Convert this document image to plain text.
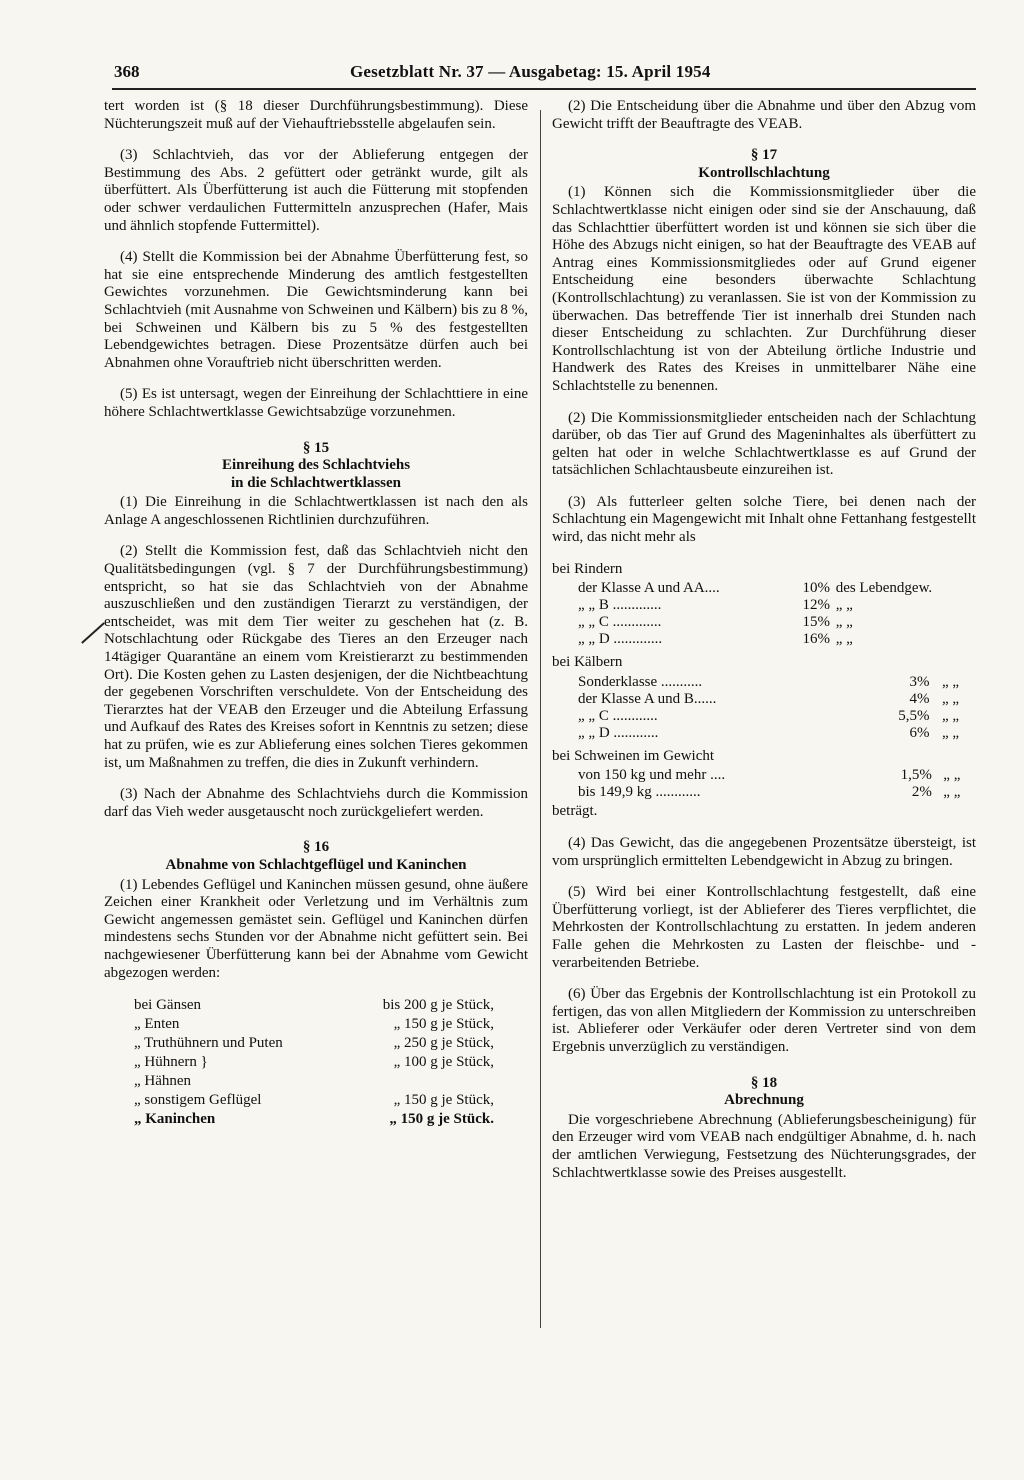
368	Gesetzblatt Nr. 37 — Ausgabetag: 15. April 1954

tert worden ist (§ 18 dieser Durchführungsbestimmung). Diese Nüchterungszeit muß auf der Viehauftriebsstelle abgelaufen sein.

(3) Schlachtvieh, das vor der Ablieferung entgegen der Bestimmung des Abs. 2 gefüttert oder getränkt wurde, gilt als überfüttert. Als Überfütterung ist auch die Fütterung mit stopfenden oder schwer verdaulichen Futtermitteln anzusprechen (Hafer, Mais und ähnlich stopfende Futtermittel).

(4) Stellt die Kommission bei der Abnahme Überfütterung fest, so hat sie eine entsprechende Minderung des amtlich festgestellten Gewichtes vorzunehmen. Die Gewichtsminderung kann bei Schlachtvieh (mit Ausnahme von Schweinen und Kälbern) bis zu 8 %, bei Schweinen und Kälbern bis zu 5 % des festgestellten Lebendgewichtes betragen. Diese Prozentsätze dürfen auch bei Abnahmen ohne Vorauftrieb nicht überschritten werden.

(5) Es ist untersagt, wegen der Einreihung der Schlachttiere in eine höhere Schlachtwertklasse Gewichtsabzüge vorzunehmen.

§ 15
Einreihung des Schlachtviehs
in die Schlachtwertklassen

(1) Die Einreihung in die Schlachtwertklassen ist nach den als Anlage A angeschlossenen Richtlinien durchzuführen.

(2) Stellt die Kommission fest, daß das Schlachtvieh nicht den Qualitätsbedingungen (vgl. § 7 der Durchführungsbestimmung) entspricht, so hat sie das Schlachtvieh von der Abnahme auszuschließen und den zuständigen Tierarzt zu verständigen, der entscheidet, was mit dem Tier weiter zu geschehen hat (z. B. Notschlachtung oder Rückgabe des Tieres an den Erzeuger nach 14tägiger Quarantäne an einem vom Kreistierarzt zu bestimmenden Ort). Die Kosten gehen zu Lasten desjenigen, der die Nichtbeachtung der gegebenen Vorschriften verschuldete. Von der Entscheidung des Tierarztes hat der VEAB den Erzeuger und die Abteilung Erfassung und Aufkauf des Rates des Kreises sofort in Kenntnis zu setzen; diese hat zu prüfen, wie es zur Ablieferung eines solchen Tieres gekommen ist, um Maßnahmen zu treffen, die dies in Zukunft verhindern.

(3) Nach der Abnahme des Schlachtviehs durch die Kommission darf das Vieh weder ausgetauscht noch zurückgeliefert werden.

§ 16
Abnahme von Schlachtgeflügel und Kaninchen

(1) Lebendes Geflügel und Kaninchen müssen gesund, ohne äußere Zeichen einer Krankheit oder Verletzung und im Verhältnis zum Gewicht angemessen gemästet sein. Geflügel und Kaninchen dürfen mindestens sechs Stunden vor der Abnahme nicht gefüttert sein. Bei nachgewiesener Überfütterung kann bei der Abnahme vom Gewicht abgezogen werden:

bei Gänsen	bis 200 g je Stück,
„ Enten	„ 150 g je Stück,
„ Truthühnern und Puten	„ 250 g je Stück,
„ Hühnern }	„ 100 g je Stück,
„ Hähnen	
„ sonstigem Geflügel	„ 150 g je Stück,
„ Kaninchen	„ 150 g je Stück.

(2) Die Entscheidung über die Abnahme und über den Abzug vom Gewicht trifft der Beauftragte des VEAB.

§ 17
Kontrollschlachtung

(1) Können sich die Kommissionsmitglieder über die Schlachtwertklasse nicht einigen oder sind sie der Anschauung, daß das Schlachttier überfüttert worden ist und können sie sich über die Höhe des Abzugs nicht einigen, so hat der Beauftragte des VEAB auf Antrag eines Kommissionsmitgliedes oder auf Grund eigener Entscheidung eine besonders überwachte Schlachtung (Kontrollschlachtung) zu veranlassen. Sie ist von der Kommission zu überwachen. Das betreffende Tier ist innerhalb drei Stunden nach dieser Entscheidung zu schlachten. Zur Durchführung dieser Kontrollschlachtung ist von der Abteilung örtliche Industrie und Handwerk des Rates des Kreises in unmittelbarer Nähe eine Schlachtstelle zu benennen.

(2) Die Kommissionsmitglieder entscheiden nach der Schlachtung darüber, ob das Tier auf Grund des Mageninhaltes als überfüttert zu gelten hat oder in welche Schlachtwertklasse es auf Grund der tatsächlichen Schlachtausbeute einzureihen ist.

(3) Als futterleer gelten solche Tiere, bei denen nach der Schlachtung ein Magengewicht mit Inhalt ohne Fettanhang festgestellt wird, das nicht mehr als

bei Rindern
der Klasse A und AA....	10	%	des Lebendgew.
„ „ B .............	12	%	„ „
„ „ C .............	15	%	„ „
„ „ D .............	16	%	„ „
bei Kälbern
Sonderklasse ...........	3	%	„ „
der Klasse A und B......	4	%	„ „
„ „ C ............	5,5	%	„ „
„ „ D ............	6	%	„ „
bei Schweinen im Gewicht
von 150 kg und mehr ....	1,5	%	„ „
bis 149,9 kg ............	2	%	„ „

beträgt.

(4) Das Gewicht, das die angegebenen Prozentsätze übersteigt, ist vom ursprünglich ermittelten Lebendgewicht in Abzug zu bringen.

(5) Wird bei einer Kontrollschlachtung festgestellt, daß eine Überfütterung vorliegt, ist der Ablieferer des Tieres verpflichtet, die Mehrkosten der Kontrollschlachtung zu erstatten. In jedem anderen Falle gehen die Mehrkosten zu Lasten der fleischbe- und -verarbeitenden Betriebe.

(6) Über das Ergebnis der Kontrollschlachtung ist ein Protokoll zu fertigen, das von allen Mitgliedern der Kommission zu unterschreiben ist. Ablieferer oder Verkäufer oder deren Vertreter sind von dem Ergebnis unverzüglich zu verständigen.

§ 18
Abrechnung

Die vorgeschriebene Abrechnung (Ablieferungsbescheinigung) für den Erzeuger wird vom VEAB nach endgültiger Abnahme, d. h. nach der amtlichen Verwiegung, Festsetzung des Nüchterungsgrades, der Schlachtwertklasse sowie des Preises ausgestellt.
